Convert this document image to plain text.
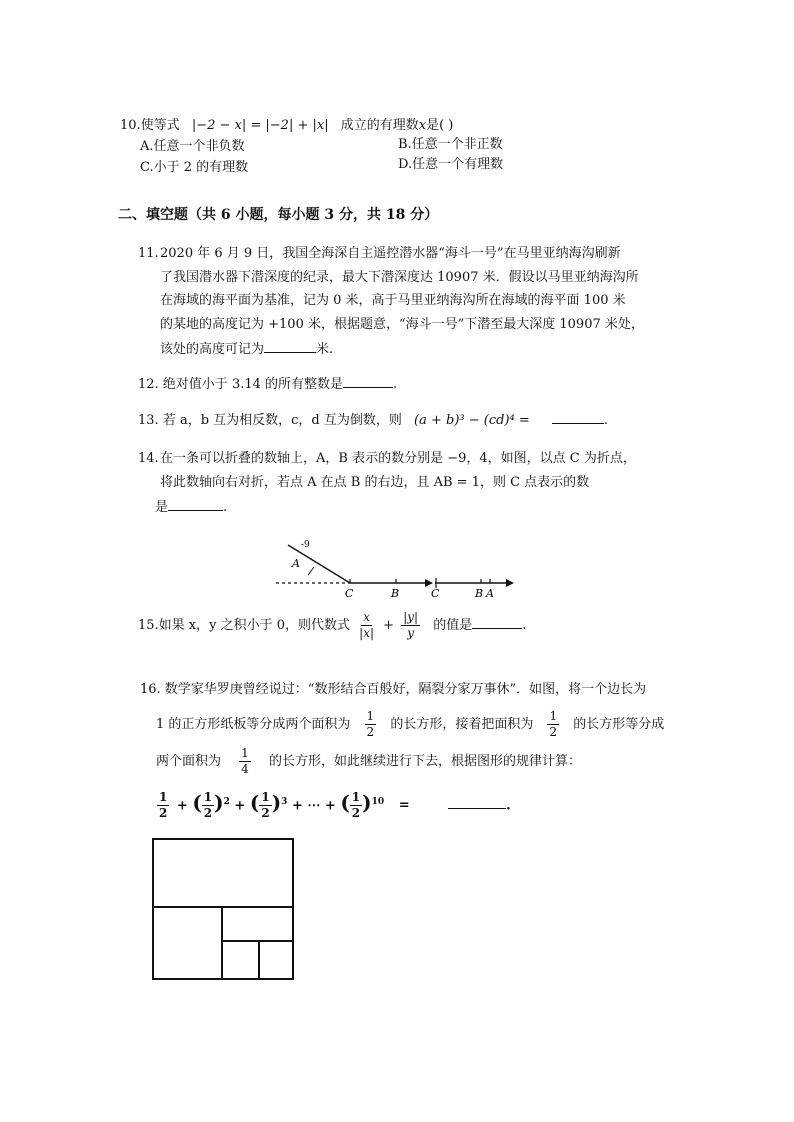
10.使等式 |−2 − x| = |−2| + |x| 成立的有理数x是( )
A.任意一个非负数	B.任意一个非正数
C.小于 2 的有理数	D.任意一个有理数
二、填空题（共 6 小题，每小题 3 分，共 18 分）
11. 2020 年 6 月 9 日，我国全海深自主遥控潜水器“海斗一号”在马里亚纳海沟刷新
了我国潜水器下潜深度的纪录，最大下潜深度达 10907 米．假设以马里亚纳海沟所
在海域的海平面为基准，记为 0 米，高于马里亚纳海沟所在海域的海平面 100 米
的某地的高度记为 +100 米，根据题意，“海斗一号”下潜至最大深度 10907 米处，
该处的高度可记为	米.
12. 绝对值小于 3.14 的所有整数是	.
13. 若 a，b 互为相反数，c，d 互为倒数，则 (a + b)³ − (cd)⁴ =	.
14. 在一条可以折叠的数轴上，A，B 表示的数分别是 −9，4，如图，以点 C 为折点，
将此数轴向右对折，若点 A 在点 B 的右边，且 AB = 1，则 C 点表示的数
是	.
A
-9
C	B	C	B A
15.如果 x，y 之积小于 0，则代数式 $\frac{x}{|x|} + \frac{|y|}{y}$ 的值是	.
16. 数学家华罗庚曾经说过：“数形结合百般好，隔裂分家万事休”．如图，将一个边长为
1 的正方形纸板等分成两个面积为 $\frac{1}{2}$ 的长方形，接着把面积为 $\frac{1}{2}$ 的长方形等分成
两个面积为 $\frac{1}{4}$ 的长方形，如此继续进行下去，根据图形的规律计算：
$\frac{1}{2}$ + ( $\frac{1}{2} )^2$ + ( $\frac{1}{2} )^3$ + ⋯ + ( $\frac{1}{2} )^{10}$ =	.
